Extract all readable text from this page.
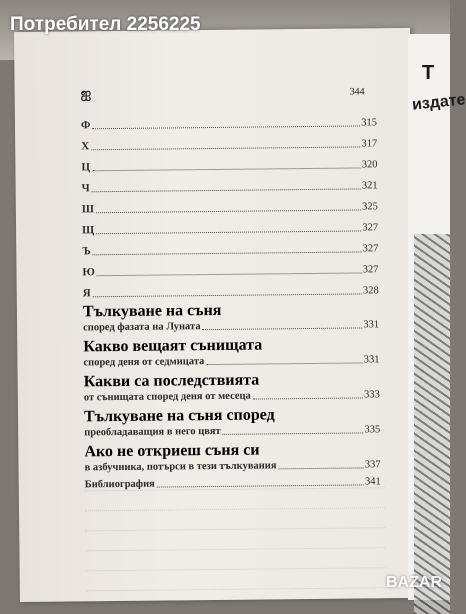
ஐ	344
Ф	315
Х	317
Ц	320
Ч	321
Ш	325
Щ	327
Ъ	327
Ю	327
Я	328
Тълкуване на съня
според фазата на Луната	331
Какво вещаят сънищата
според деня от седмицата	331
Какви са последствията
от сънищата според деня от месеца	333
Тълкуване на съня според
преобладаващия в него цвят	335
Ако не откриеш съня си
в азбучника, потърси в тези тълкувания	337
Библиография	341
Т
издате
Потребител 2256225
BAZAR
